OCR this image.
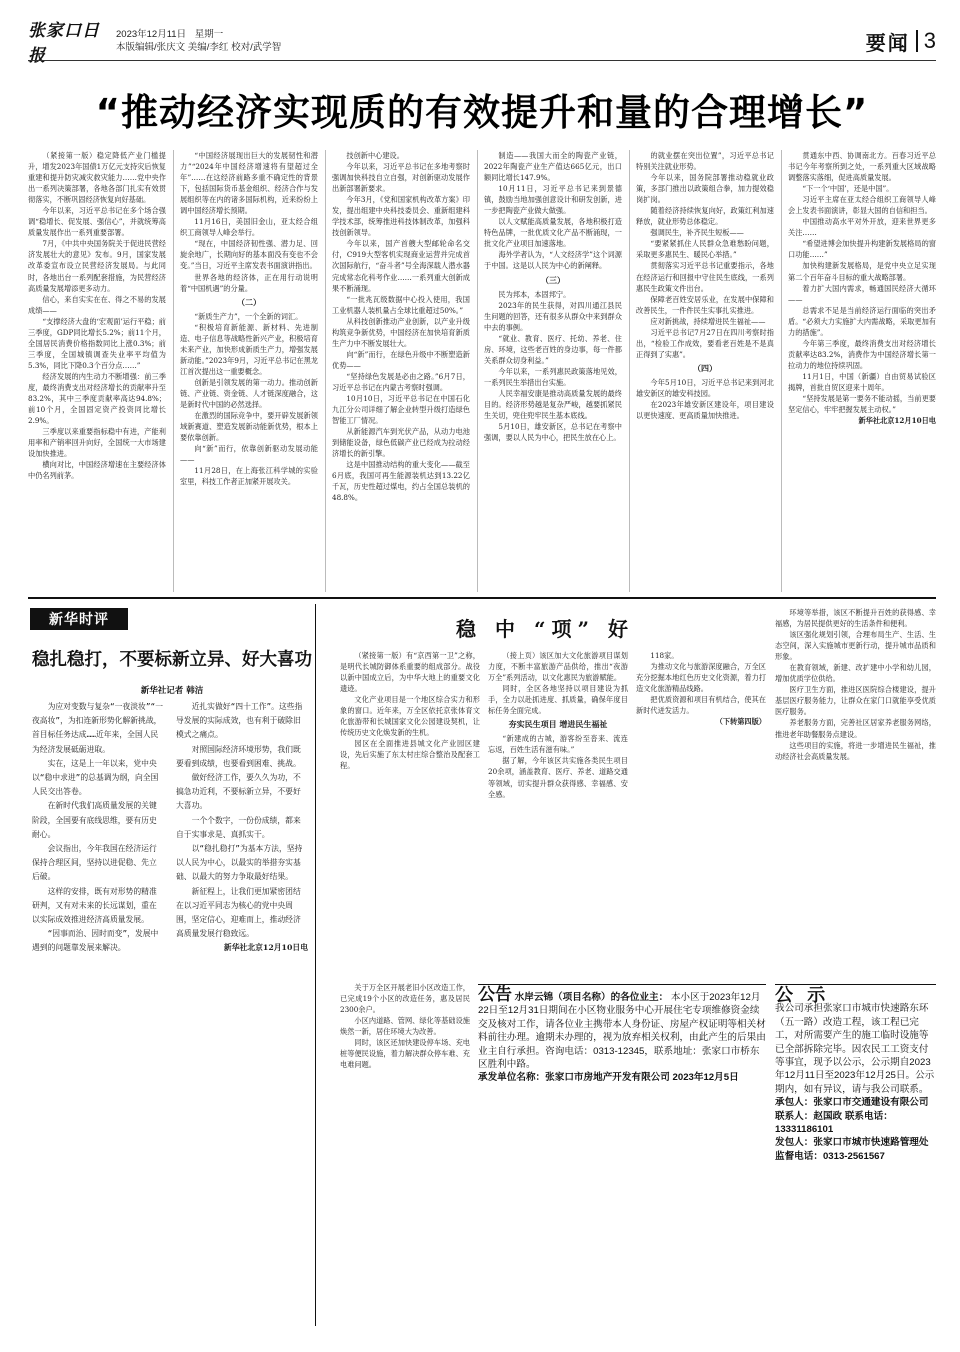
张家口日报
2023年12月11日 星期一
本版编辑/张庆文 美编/李红 校对/武学智	要闻 3
“推动经济实现质的有效提升和量的合理增长”

（紧接第一版）稳定降低产业门槛提升，增发2023年国债1万亿元支持灾后恢复重建和提升防灾减灾救灾能力……党中央作出一系列决策部署，各地各部门扎实有效贯彻落实，不断巩固经济恢复向好基础。

今年以来，习近平总书记在多个场合强调“稳增长、促发展、强信心”，并就统筹高质量发展作出一系列重要部署。

7月，《中共中央国务院关于促进民营经济发展壮大的意见》发布。9月，国家发展改革委宣布设立民营经济发展局。与此同时，各地出台一系列配套措施，为民营经济高质量发展增添更多动力。

信心，来自实实在在、得之不易的发展成绩——

“支撑经济大盘的‘宏观面’运行平稳；前三季度，GDP同比增长5.2%；前11个月，全国居民消费价格指数同比上涨0.3%；前三季度，全国城镇调查失业率平均值为5.3%，同比下降0.3个百分点……”

经济发展的内生动力不断增强：前三季度，最终消费支出对经济增长的贡献率升至83.2%，其中三季度贡献率高达94.8%；前10个月，全国固定资产投资同比增长2.9%。

三季度以来重要指标稳中有进，产能利用率和产销率回升向好，全国统一大市场建设加快推进。

横向对比，中国经济增速在主要经济体中仍名列前茅。

“中国经济展现出巨大的发展韧性和潜力”“2024年中国经济增速将有望超过全年”……在这经济前路多重不确定性的背景下，包括国际货币基金组织、经济合作与发展组织等在内的诸多国际机构，近来纷纷上调中国经济增长预期。

11月16日，美国旧金山，亚太经合组织工商领导人峰会举行。

“现在，中国经济韧性强、潜力足、回旋余地广，长期向好的基本面没有变也不会变。”当日，习近平主席发表书面演讲指出。

世界各地的经济体，正在用行动说明着“中国机遇”的分量。

（二）

“新质生产力”，一个全新的词汇。

“积极培育新能源、新材料、先进制造、电子信息等战略性新兴产业，积极培育未来产业，加快形成新质生产力，增强发展新动能。”2023年9月，习近平总书记在黑龙江首次提出这一重要概念。

创新是引领发展的第一动力。推动创新链、产业链、资金链、人才链深度融合，这是新时代中国的必然选择。

在激烈的国际竞争中，要开辟发展新领域新赛道、塑造发展新动能新优势，根本上要依靠创新。

向“新”而行，依靠创新驱动发展动能——

11月28日，在上海张江科学城的实验室里，科技工作者正加紧开展攻关。

技创新中心建设。

今年以来，习近平总书记在多地考察时强调加快科技自立自强，对创新驱动发展作出新部署新要求。

今年3月，《党和国家机构改革方案》印发，提出组建中央科技委员会、重新组建科学技术部，统筹推进科技体制改革，加强科技创新领导。

今年以来，国产首艘大型邮轮命名交付，C919大型客机实现商业运营并完成首次国际航行，“奋斗者”号全海深载人潜水器完成常态化科考作业……一系列重大创新成果不断涌现。

“一批兆瓦级数据中心投入使用，我国工业机器人装机量占全球比重超过50%。”

从科技创新推动产业创新，以产业升级构筑竞争新优势，中国经济在加快培育新质生产力中不断发展壮大。

向“新”而行，在绿色升级中不断塑造新优势——

“坚持绿色发展是必由之路。”6月7日，习近平总书记在内蒙古考察时强调。

10月10日，习近平总书记在中国石化九江分公司详细了解企业转型升级打造绿色智能工厂情况。

从新能源汽车到光伏产品，从动力电池到储能设备，绿色低碳产业已经成为拉动经济增长的新引擎。

这是中国推动结构的重大变化——截至6月底，我国可再生能源装机达到13.22亿千瓦，历史性超过煤电，约占全国总装机的48.8%。

制造——我国大而全的陶瓷产业链，2022年陶瓷产业生产值达665亿元，出口额同比增长147.9%。

10月11日，习近平总书记来到景德镇，鼓励当地加强创意设计和研发创新，进一步把陶瓷产业做大做强。

以人文赋能高质量发展，各地积极打造特色品牌，一批优质文化产品不断涌现，一批文化产业项目加速落地。

海外学者认为，“人文经济学”这个词源于中国。这是以人民为中心的新阐释。

（三）

民为邦本，本固邦宁。

2023年的民生获得，对四川通江县民生问题的回答，还有很多从群众中来到群众中去的事例。

“就业、教育、医疗、托幼、养老、住房、环境，这些老百姓的身边事，每一件都关系群众切身利益。”

今年以来，一系列惠民政策落地见效，一系列民生举措出台实施。

人民幸福安康是推动高质量发展的最终目的。经济形势越是复杂严峻，越要抓紧民生关切，兜住兜牢民生基本底线。

5月10日，雄安新区，总书记在考察中强调，要以人民为中心，把民生放在心上。

的就业摆在突出位置”，习近平总书记特别关注就业形势。

今年以来，国务院部署推动稳就业政策，多部门推出以政策组合拳，加力提效稳岗扩岗。

随着经济持续恢复向好，政策红利加速释放，就业形势总体稳定。

强调民生，补齐民生短板——

“要紧紧抓住人民群众急难愁盼问题，采取更多惠民生、暖民心举措。”

贯彻落实习近平总书记重要指示，各地在经济运行和回报中守住民生底线，一系列惠民生政策文件出台。

保障老百姓安居乐业，在发展中保障和改善民生，一件件民生实事扎实推进。

应对新挑战，持续增进民生福祉——

习近平总书记7月27日在四川考察时指出，“检验工作成效，要看老百姓是不是真正得到了实惠”。

（四）

今年5月10日，习近平总书记来到河北雄安新区的雄安科技园。

在2023年雄安新区建设年，项目建设以更快速度、更高质量加快推进。

贯通东中西、协调南北方。百春习近平总书记今年考察所到之处，一系列重大区域战略调整落实落细，促进高质量发展。

“下一个‘中国’，还是中国”。

习近平主席在亚太经合组织工商领导人峰会上发表书面演讲，彰显大国的自信和担当。

中国推动高水平对外开放，迎来世界更多关注……

“希望进博会加快提升构建新发展格局的窗口功能……”

加快构建新发展格局，是党中央立足实现第二个百年奋斗目标的重大战略部署。

着力扩大国内需求，畅通国民经济大循环——

总需求不足是当前经济运行面临的突出矛盾。“必须大力实施扩大内需战略，采取更加有力的措施”。

今年第三季度，最终消费支出对经济增长贡献率达83.2%，消费作为中国经济增长第一拉动力的地位持续巩固。

11月1日，中国（新疆）自由贸易试验区揭牌，首批自贸区迎来十周年。

“坚持发展是第一要务不能动摇，当前更要坚定信心，牢牢把握发展主动权。”

新华社北京12月10日电

新华时评
稳扎稳打，不要标新立异、好大喜功
新华社记者 韩洁

为应对变数与复杂“一夜淡妆”“一夜高妆”，为扣连新形势化解新挑战，首目标任务达成……近年来，全国人民为经济发展砥砺进取。

实在，这是上一年以来，党中央以“稳中求进”的总基调为纲，向全国人民交出答卷。

在新时代我们高质量发展的关键阶段，全国要有底线思维，要有历史耐心。

会议指出，今年我国在经济运行保持合理区间，坚持以进促稳、先立后破。

这样的安排，既有对形势的精准研判，又有对未来的长远谋划，重在以实际成效推进经济高质量发展。

“因事而治、因时而变”，发展中遇到的问题靠发展来解决。

近扎实做好“四十工作”。这些指导发展的实际成效，也有利于破除旧模式之痛点。

对照国际经济环境形势，我们既要看到成绩，也要看到困难、挑战。

做好经济工作，要久久为功，不搞急功近利，不要标新立异，不要好大喜功。

一个个数字，一份份成绩，都来自于实事求是、真抓实干。

以“稳扎稳打”为基本方法，坚持以人民为中心，以最实的举措夯实基础、以最大的努力争取最好结果。

新征程上，让我们更加紧密团结在以习近平同志为核心的党中央周围，坚定信心，迎难而上，推动经济高质量发展行稳致远。

新华社北京12月10日电

稳 中 “项” 好

（紧接第一版）有“京西第一卫”之称，是明代长城防御体系重要的组成部分。战役以新中国成立后，为中华大地上的重要文化遗迹。

文化产业项目是一个地区综合实力和形象的窗口。近年来，万全区依托京张体育文化旅游带和长城国家文化公园建设契机，让传统历史文化焕发新的生机。

园区在全面推进县城文化产业园区建设，先后实施了东太村庄综合整治及配套工程。

（接上页）该区加大文化旅游项目谋划力度，不断丰富旅游产品供给，推出“夜游万全”系列活动，以文化惠民为旅游赋能。

同时，全区各地坚持以项目建设为抓手，全力以赴抓进度、抓质量，确保年度目标任务全面完成。

夯实民生项目 增进民生福祉

“新建成的古城，游客纷至沓来、流连忘返，百姓生活有滋有味。”

据了解，今年该区共实施各类民生项目20余项，涵盖教育、医疗、养老、道路交通等领域，切实提升群众获得感、幸福感、安全感。

118家。

为推动文化与旅游深度融合，万全区充分挖掘本地红色历史文化资源，着力打造文化旅游精品线路。

把优质资源和项目有机结合，使其在新时代迸发活力。

（下转第四版）

环境等举措，该区不断提升百姓的获得感、幸福感，为居民提供更好的生活条件和便利。

该区强化规划引领，合理布局生产、生活、生态空间，深入实施城市更新行动，提升城市品质和形象。

在教育领域，新建、改扩建中小学和幼儿园，增加优质学位供给。

医疗卫生方面，推进区医院综合楼建设，提升基层医疗服务能力，让群众在家门口就能享受优质医疗服务。

养老服务方面，完善社区居家养老服务网络，推进老年助餐服务点建设。

这些项目的实施，将进一步增进民生福祉，推动经济社会高质量发展。

关于万全区开展老旧小区改造工作，已完成19个小区的改造任务，惠及居民2300余户。

小区内道路、管网、绿化等基础设施焕然一新，居住环境大为改善。

同时，该区还加快建设停车场、充电桩等便民设施，着力解决群众停车难、充电难问题。

公告 水岸云锦（项目名称）的各位业主： 本小区于2023年12月22日至12月31日期间在小区物业服务中心开展住宅专项维修资金续交及核对工作，请各位业主携带本人身份证、房屋产权证明等相关材料前往办理。逾期未办理的，视为放弃相关权利，由此产生的后果由业主自行承担。咨询电话：0313-12345，联系地址：张家口市桥东区胜利中路。
承发单位名称：张家口市房地产开发有限公司 2023年12月5日
公 示
我公司承担张家口市城市快速路东环（五一路）改造工程，该工程已完工，对所需要产生的施工临时设施等已全部拆除完毕。因农民工工资支付等事宜，现予以公示，公示期自2023年12月11日至2023年12月25日。公示期内，如有异议，请与我公司联系。
承包人：张家口市交通建设有限公司
联系人：赵国政 联系电话：13331186101
发包人：张家口市城市快速路管理处 监督电话：0313-2561567
